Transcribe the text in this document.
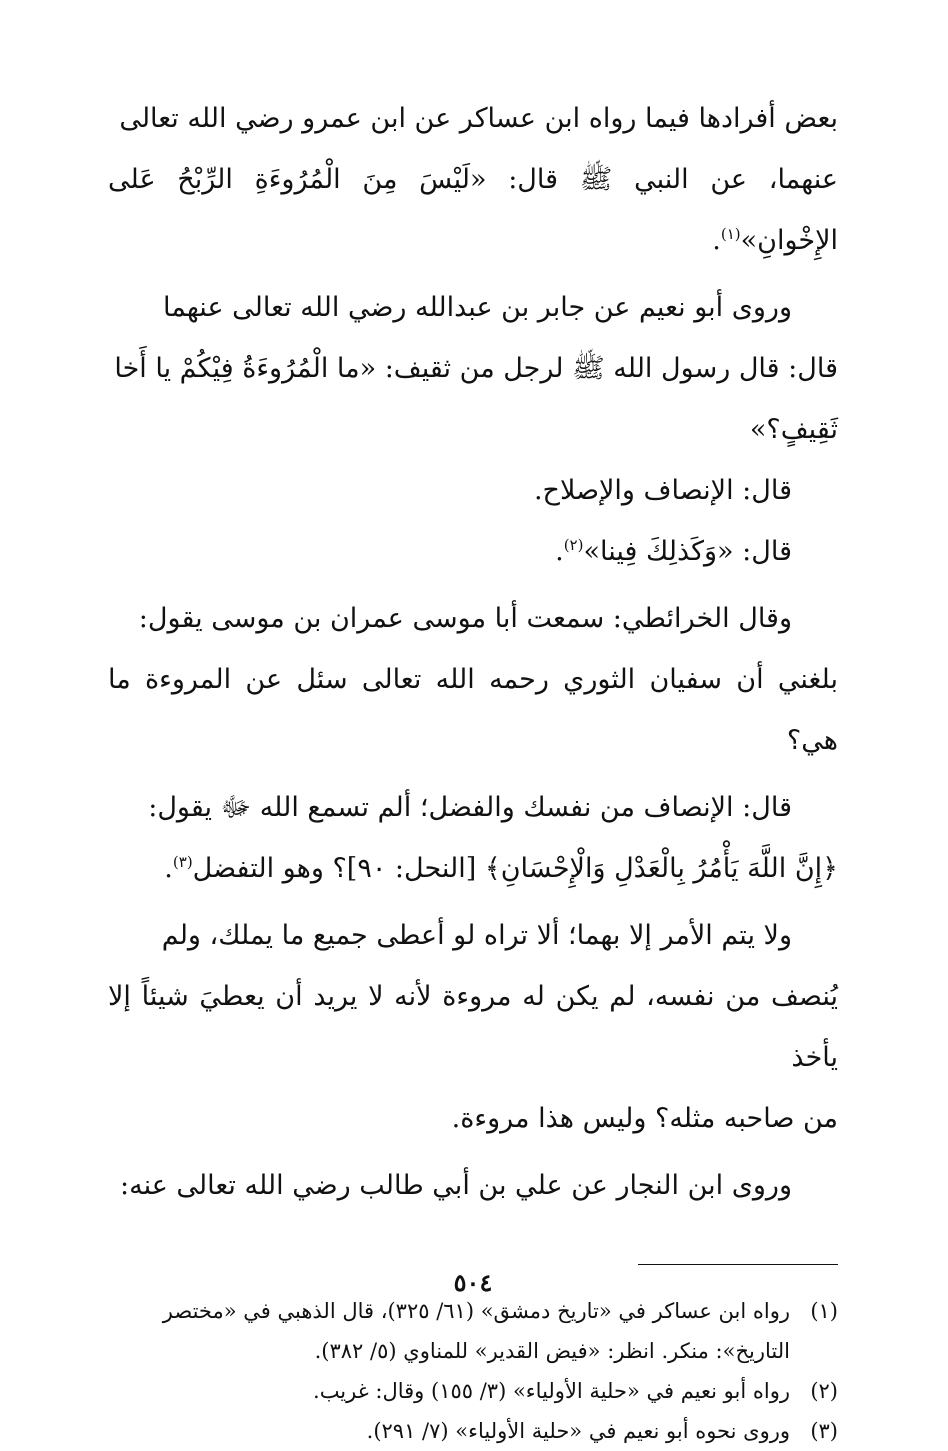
بعض أفرادها فيما رواه ابن عساكر عن ابن عمرو رضي الله تعالى
عنهما، عن النبي ﷺ قال: «لَيْسَ مِنَ الْمُرُوءَةِ الرِّبْحُ عَلى الإِخْوانِ»$^{(١)}$.

وروى أبو نعيم عن جابر بن عبدالله رضي الله تعالى عنهما
قال: قال رسول الله ﷺ لرجل من ثقيف: «ما الْمُرُوءَةُ فِيْكُمْ يا أَخا
ثَقِيفٍ؟»

قال: الإنصاف والإصلاح.

قال: «وَكَذلِكَ فِينا»$^{(٢)}$.

وقال الخرائطي: سمعت أبا موسى عمران بن موسى يقول:
بلغني أن سفيان الثوري رحمه الله تعالى سئل عن المروءة ما هي؟

قال: الإنصاف من نفسك والفضل؛ ألم تسمع الله ﷻ يقول:
﴿إِنَّ اللَّهَ يَأْمُرُ بِالْعَدْلِ وَالْإِحْسَانِ﴾ [النحل: ٩٠]؟ وهو التفضل$^{(٣)}$.

ولا يتم الأمر إلا بهما؛ ألا تراه لو أعطى جميع ما يملك، ولم
يُنصف من نفسه، لم يكن له مروءة لأنه لا يريد أن يعطيَ شيئاً إلا يأخذ
من صاحبه مثله؟ وليس هذا مروءة.

وروى ابن النجار عن علي بن أبي طالب رضي الله تعالى عنه:

(١)
رواه ابن عساكر في «تاريخ دمشق» (٦١/ ٣٢٥)، قال الذهبي في «مختصر
التاريخ»: منكر. انظر: «فيض القدير» للمناوي (٥/ ٣٨٢).
(٢)
رواه أبو نعيم في «حلية الأولياء» (٣/ ١٥٥) وقال: غريب.
(٣)
وروى نحوه أبو نعيم في «حلية الأولياء» (٧/ ٢٩١).
٥٠٤
